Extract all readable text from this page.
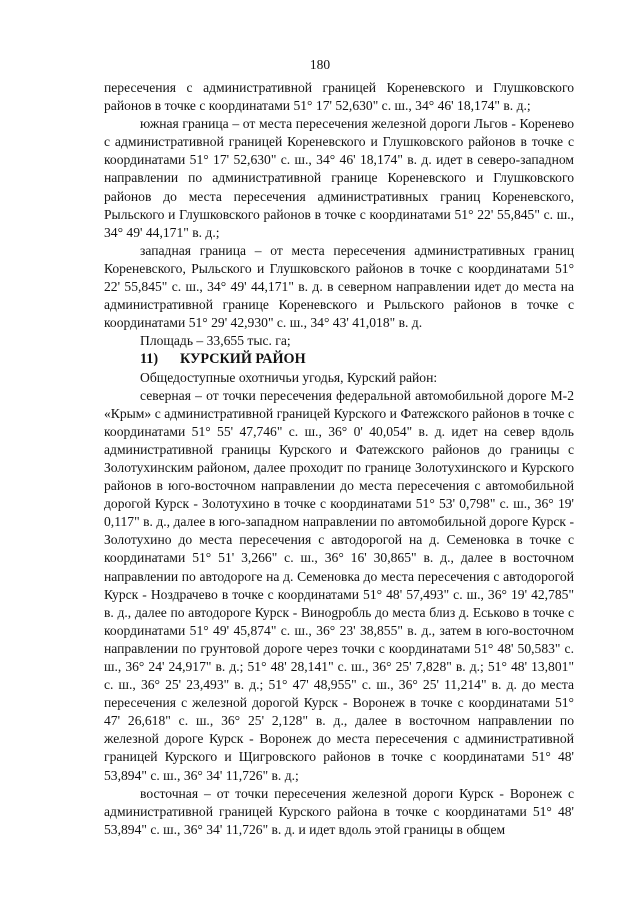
180

пересечения с административной границей Кореневского и Глушковского районов в точке с координатами 51° 17' 52,630" с. ш., 34° 46' 18,174" в. д.;

южная граница – от места пересечения железной дороги Льгов - Коренево с административной границей Кореневского и Глушковского районов в точке с координатами 51° 17' 52,630" с. ш., 34° 46' 18,174" в. д. идет в северо-западном направлении по административной границе Кореневского и Глушковского районов до места пересечения административных границ Кореневского, Рыльского и Глушковского районов в точке с координатами 51° 22' 55,845" с. ш., 34° 49' 44,171" в. д.;

западная граница – от места пересечения административных границ Кореневского, Рыльского и Глушковского районов в точке с координатами 51° 22' 55,845" с. ш., 34° 49' 44,171" в. д. в северном направлении идет до места на административной границе Кореневского и Рыльского районов в точке с координатами 51° 29' 42,930" с. ш., 34° 43' 41,018" в. д.

Площадь – 33,655 тыс. га;

11) КУРСКИЙ РАЙОН

Общедоступные охотничьи угодья, Курский район:

северная – от точки пересечения федеральной автомобильной дороге М-2 «Крым» с административной границей Курского и Фатежского районов в точке с координатами 51° 55' 47,746" с. ш., 36° 0' 40,054" в. д. идет на север вдоль административной границы Курского и Фатежского районов до границы с Золотухинским районом, далее проходит по границе Золотухинского и Курского районов в юго-восточном направлении до места пересечения с автомобильной дорогой Курск - Золотухино в точке с координатами 51° 53' 0,798" с. ш., 36° 19' 0,117" в. д., далее в юго-западном направлении по автомобильной дороге Курск - Золотухино до места пересечения с автодорогой на д. Семеновка в точке с координатами 51° 51' 3,266" с. ш., 36° 16' 30,865" в. д., далее в восточном направлении по автодороге на д. Семеновка до места пересечения с автодорогой Курск - Ноздрачево в точке с координатами 51° 48' 57,493" с. ш., 36° 19' 42,785" в. д., далее по автодороге Курск - Винogробль до места близ д. Еськово в точке с координатами 51° 49' 45,874" с. ш., 36° 23' 38,855" в. д., затем в юго-восточном направлении по грунтовой дороге через точки с координатами 51° 48' 50,583" с. ш., 36° 24' 24,917" в. д.; 51° 48' 28,141" с. ш., 36° 25' 7,828" в. д.; 51° 48' 13,801" с. ш., 36° 25' 23,493" в. д.; 51° 47' 48,955" с. ш., 36° 25' 11,214" в. д. до места пересечения с железной дорогой Курск - Воронеж в точке с координатами 51° 47' 26,618" с. ш., 36° 25' 2,128" в. д., далее в восточном направлении по железной дороге Курск - Воронеж до места пересечения с административной границей Курского и Щигровского районов в точке с координатами 51° 48' 53,894" с. ш., 36° 34' 11,726" в. д.;

восточная – от точки пересечения железной дороги Курск - Воронеж с административной границей Курского района в точке с координатами 51° 48' 53,894" с. ш., 36° 34' 11,726" в. д. и идет вдоль этой границы в общем
